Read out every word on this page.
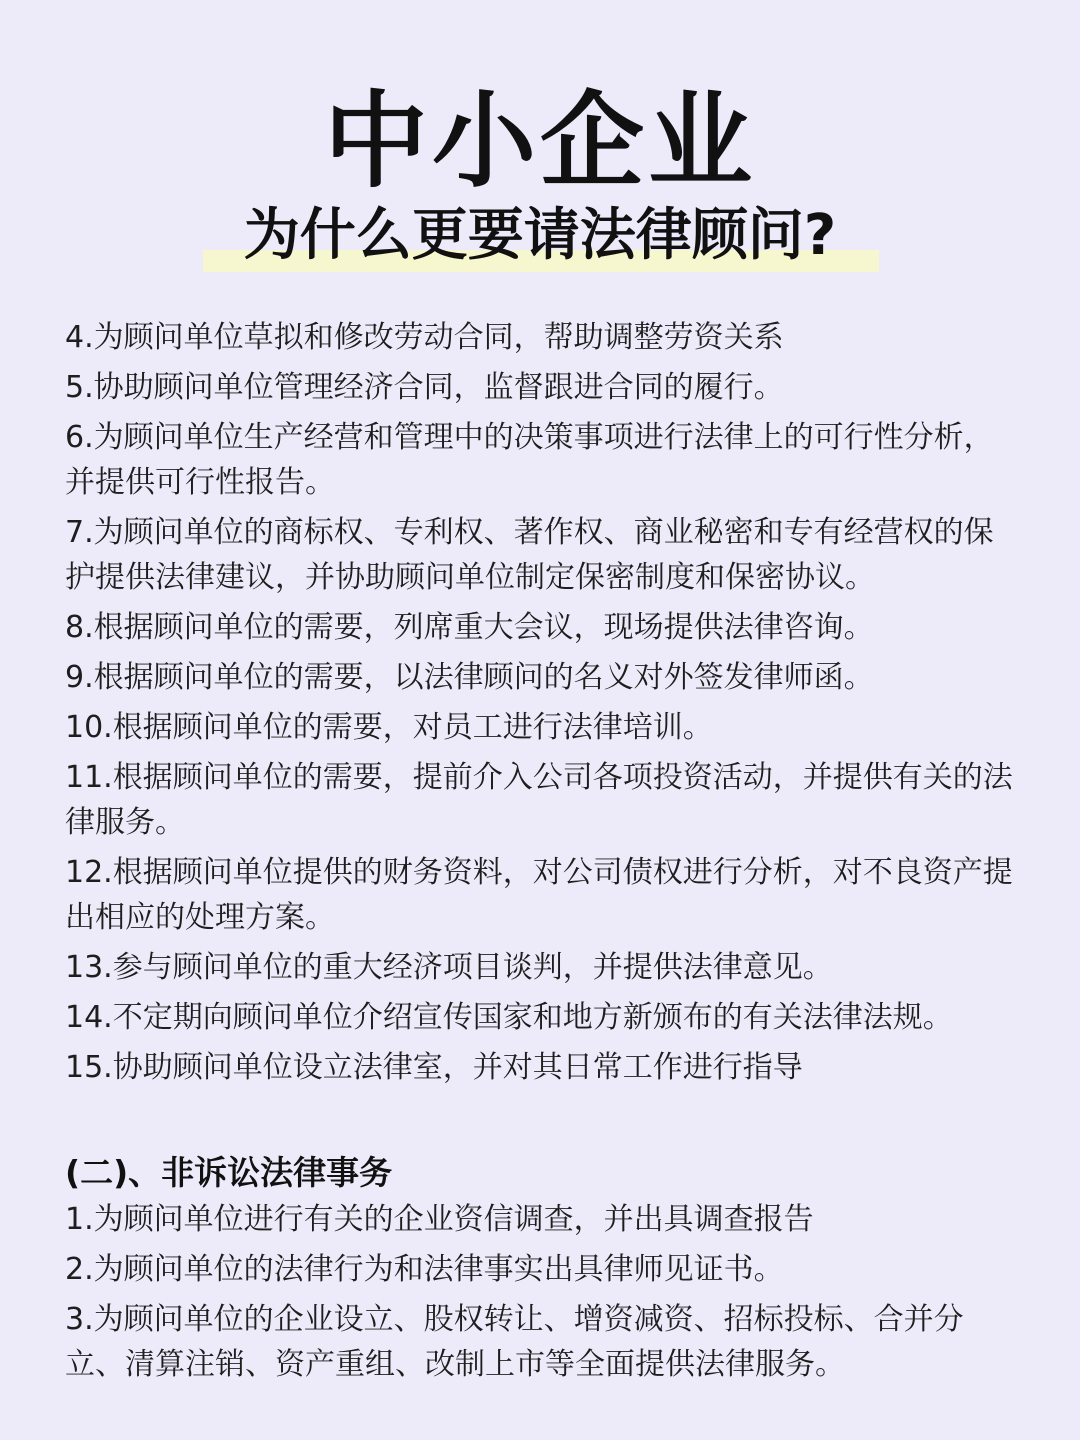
中小企业
为什么更要请法律顾问?
4.为顾问单位草拟和修改劳动合同，帮助调整劳资关系
5.协助顾问单位管理经济合同，监督跟进合同的履行。
6.为顾问单位生产经营和管理中的决策事项进行法律上的可行性分析，并提供可行性报告。
7.为顾问单位的商标权、专利权、著作权、商业秘密和专有经营权的保护提供法律建议，并协助顾问单位制定保密制度和保密协议。
8.根据顾问单位的需要，列席重大会议，现场提供法律咨询。
9.根据顾问单位的需要，以法律顾问的名义对外签发律师函。
10.根据顾问单位的需要，对员工进行法律培训。
11.根据顾问单位的需要，提前介入公司各项投资活动，并提供有关的法律服务。
12.根据顾问单位提供的财务资料，对公司债权进行分析，对不良资产提出相应的处理方案。
13.参与顾问单位的重大经济项目谈判，并提供法律意见。
14.不定期向顾问单位介绍宣传国家和地方新颁布的有关法律法规。
15.协助顾问单位设立法律室，并对其日常工作进行指导
(二)、非诉讼法律事务
1.为顾问单位进行有关的企业资信调查，并出具调查报告
2.为顾问单位的法律行为和法律事实出具律师见证书。
3.为顾问单位的企业设立、股权转让、增资减资、招标投标、合并分立、清算注销、资产重组、改制上市等全面提供法律服务。
